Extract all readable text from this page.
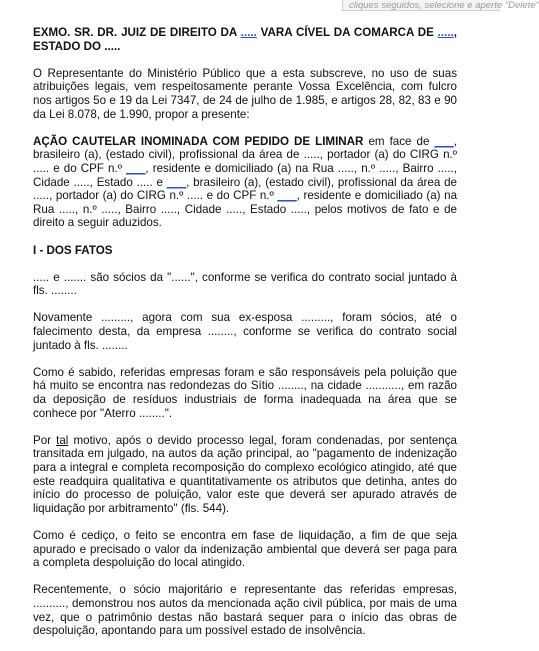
cliques seguidos, selecione e aperte "Delete"

EXMO. SR. DR. JUIZ DE DIREITO DA ..... VARA CÍVEL DA COMARCA DE ....., ESTADO DO .....

O Representante do Ministério Público que a esta subscreve, no uso de suas atribuições legais, vem respeitosamente perante Vossa Excelência, com fulcro nos artigos 5o e 19 da Lei 7347, de 24 de julho de 1.985, e artigos 28, 82, 83 e 90 da Lei 8.078, de 1.990, propor a presente:

AÇÃO CAUTELAR INOMINADA COM PEDIDO DE LIMINAR em face de ___, brasileiro (a), (estado civil), profissional da área de ....., portador (a) do CIRG n.º ..... e do CPF n.º ___, residente e domiciliado (a) na Rua ....., n.º ....., Bairro ....., Cidade ....., Estado ..... e ___, brasileiro (a), (estado civil), profissional da área de ....., portador (a) do CIRG n.º ..... e do CPF n.º ___, residente e domiciliado (a) na Rua ....., n.º ....., Bairro ....., Cidade ....., Estado ....., pelos motivos de fato e de direito a seguir aduzidos.

I - DOS FATOS

..... e ....... são sócios da "......", conforme se verifica do contrato social juntado à fls. ........

Novamente ........., agora com sua ex-esposa ........., foram sócios, até o falecimento desta, da empresa ........, conforme se verifica do contrato social juntado à fls. ........

Como é sabido, referidas empresas foram e são responsáveis pela poluição que há muito se encontra nas redondezas do Sítio ........, na cidade ..........., em razão da deposição de resíduos industriais de forma inadequada na área que se conhece por "Aterro ........".

Por tal motivo, após o devido processo legal, foram condenadas, por sentença transitada em julgado, na autos da ação principal, ao "pagamento de indenização para a integral e completa recomposição do complexo ecológico atingido, até que este readquira qualitativa e quantitativamente os atributos que detinha, antes do início do processo de poluição, valor este que deverá ser apurado através de liquidação por arbitramento" (fls. 544).

Como é cediço, o feito se encontra em fase de liquidação, a fim de que seja apurado e precisado o valor da indenização ambiental que deverá ser paga para a completa despoluição do local atingido.

Recentemente, o sócio majoritário e representante das referidas empresas, .........., demonstrou nos autos da mencionada ação civil pública, por mais de uma vez, que o patrimônio destas não bastará sequer para o início das obras de despoluição, apontando para um possível estado de insolvência.
